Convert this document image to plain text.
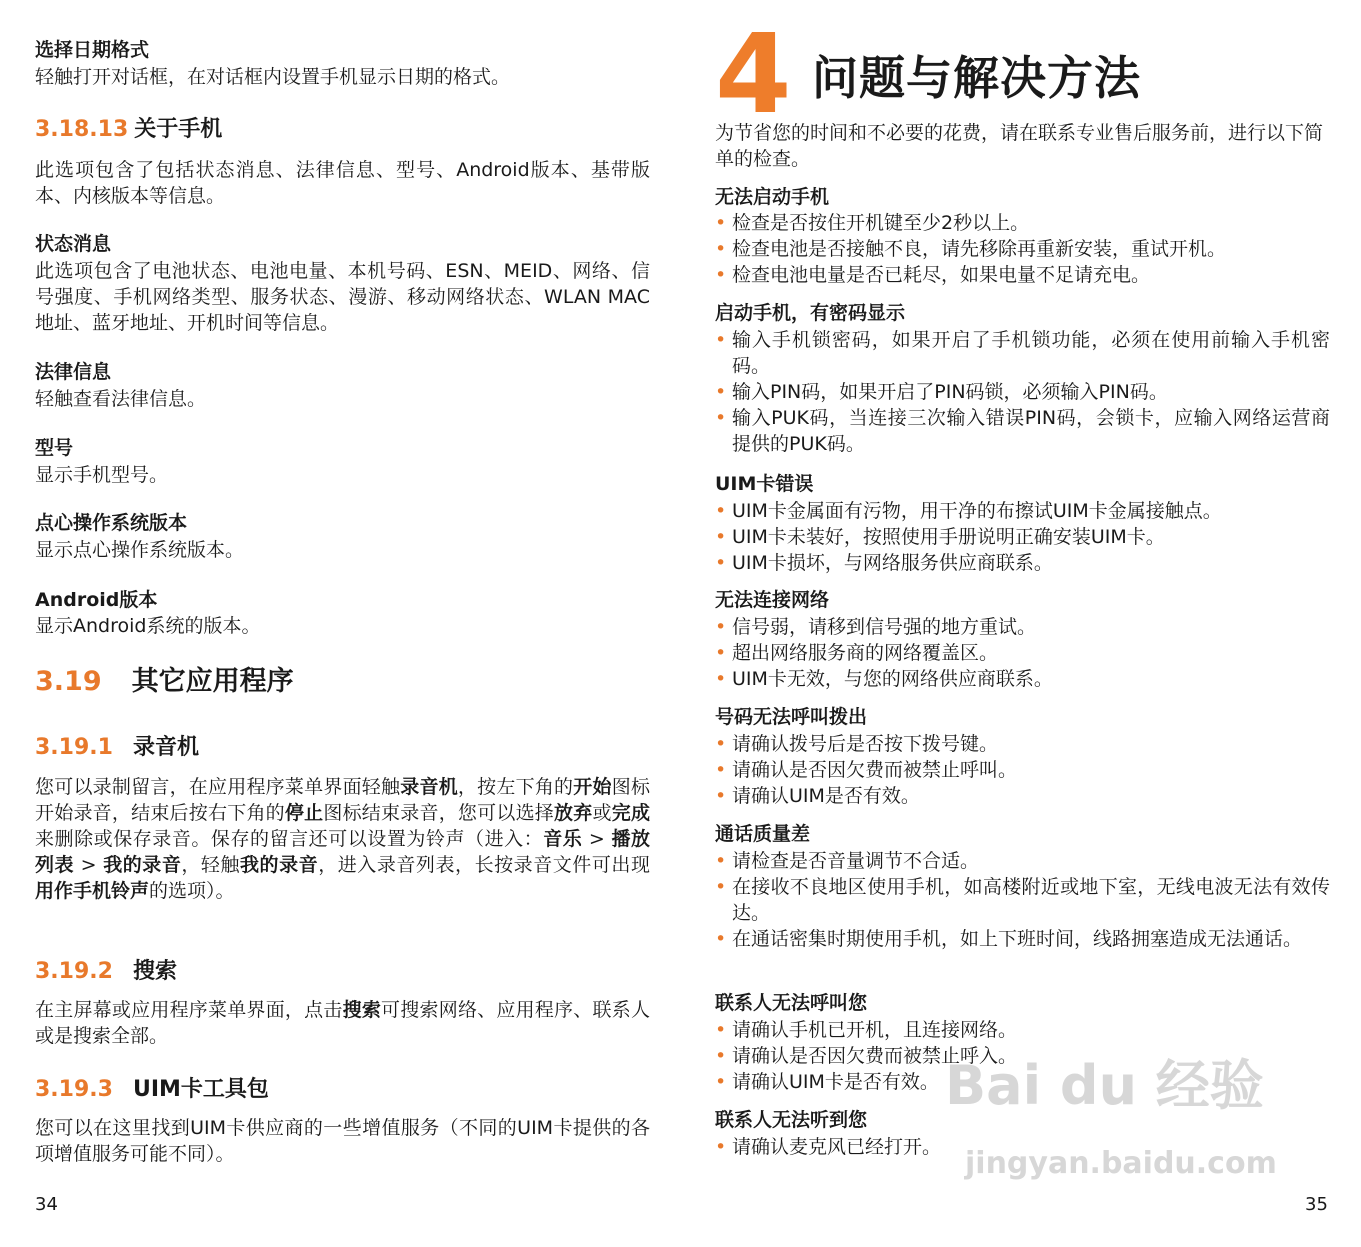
选择日期格式
轻触打开对话框，在对话框内设置手机显示日期的格式。
3.18.13 关于手机
此选项包含了包括状态消息、法律信息、型号、Android版本、基带版本、内核版本等信息。
状态消息
此选项包含了电池状态、电池电量、本机号码、ESN、MEID、网络、信号强度、手机网络类型、服务状态、漫游、移动网络状态、WLAN MAC地址、蓝牙地址、开机时间等信息。
法律信息
轻触查看法律信息。
型号
显示手机型号。
点心操作系统版本
显示点心操作系统版本。
Android版本
显示Android系统的版本。
3.19 其它应用程序
3.19.1 录音机
您可以录制留言，在应用程序菜单界面轻触录音机，按左下角的开始图标开始录音，结束后按右下角的停止图标结束录音，您可以选择放弃或完成来删除或保存录音。保存的留言还可以设置为铃声（进入：音乐 > 播放列表 > 我的录音，轻触我的录音，进入录音列表，长按录音文件可出现用作手机铃声的选项）。
3.19.2 搜索
在主屏幕或应用程序菜单界面，点击搜索可搜索网络、应用程序、联系人或是搜索全部。
3.19.3 UIM卡工具包
您可以在这里找到UIM卡供应商的一些增值服务（不同的UIM卡提供的各项增值服务可能不同）。
34
4 问题与解决方法
为节省您的时间和不必要的花费，请在联系专业售后服务前，进行以下简单的检查。
无法启动手机
• 检查是否按住开机键至少2秒以上。
• 检查电池是否接触不良，请先移除再重新安装，重试开机。
• 检查电池电量是否已耗尽，如果电量不足请充电。
启动手机，有密码显示
• 输入手机锁密码，如果开启了手机锁功能，必须在使用前输入手机密码。
• 输入PIN码，如果开启了PIN码锁，必须输入PIN码。
• 输入PUK码，当连接三次输入错误PIN码，会锁卡，应输入网络运营商提供的PUK码。
UIM卡错误
• UIM卡金属面有污物，用干净的布擦试UIM卡金属接触点。
• UIM卡未装好，按照使用手册说明正确安装UIM卡。
• UIM卡损坏，与网络服务供应商联系。
无法连接网络
• 信号弱，请移到信号强的地方重试。
• 超出网络服务商的网络覆盖区。
• UIM卡无效，与您的网络供应商联系。
号码无法呼叫拨出
• 请确认拨号后是否按下拨号键。
• 请确认是否因欠费而被禁止呼叫。
• 请确认UIM是否有效。
通话质量差
• 请检查是否音量调节不合适。
• 在接收不良地区使用手机，如高楼附近或地下室，无线电波无法有效传达。
• 在通话密集时期使用手机，如上下班时间，线路拥塞造成无法通话。
联系人无法呼叫您
• 请确认手机已开机，且连接网络。
• 请确认是否因欠费而被禁止呼入。
• 请确认UIM卡是否有效。
联系人无法听到您
• 请确认麦克风已经打开。
35
Bai du 经验
jingyan.baidu.com
